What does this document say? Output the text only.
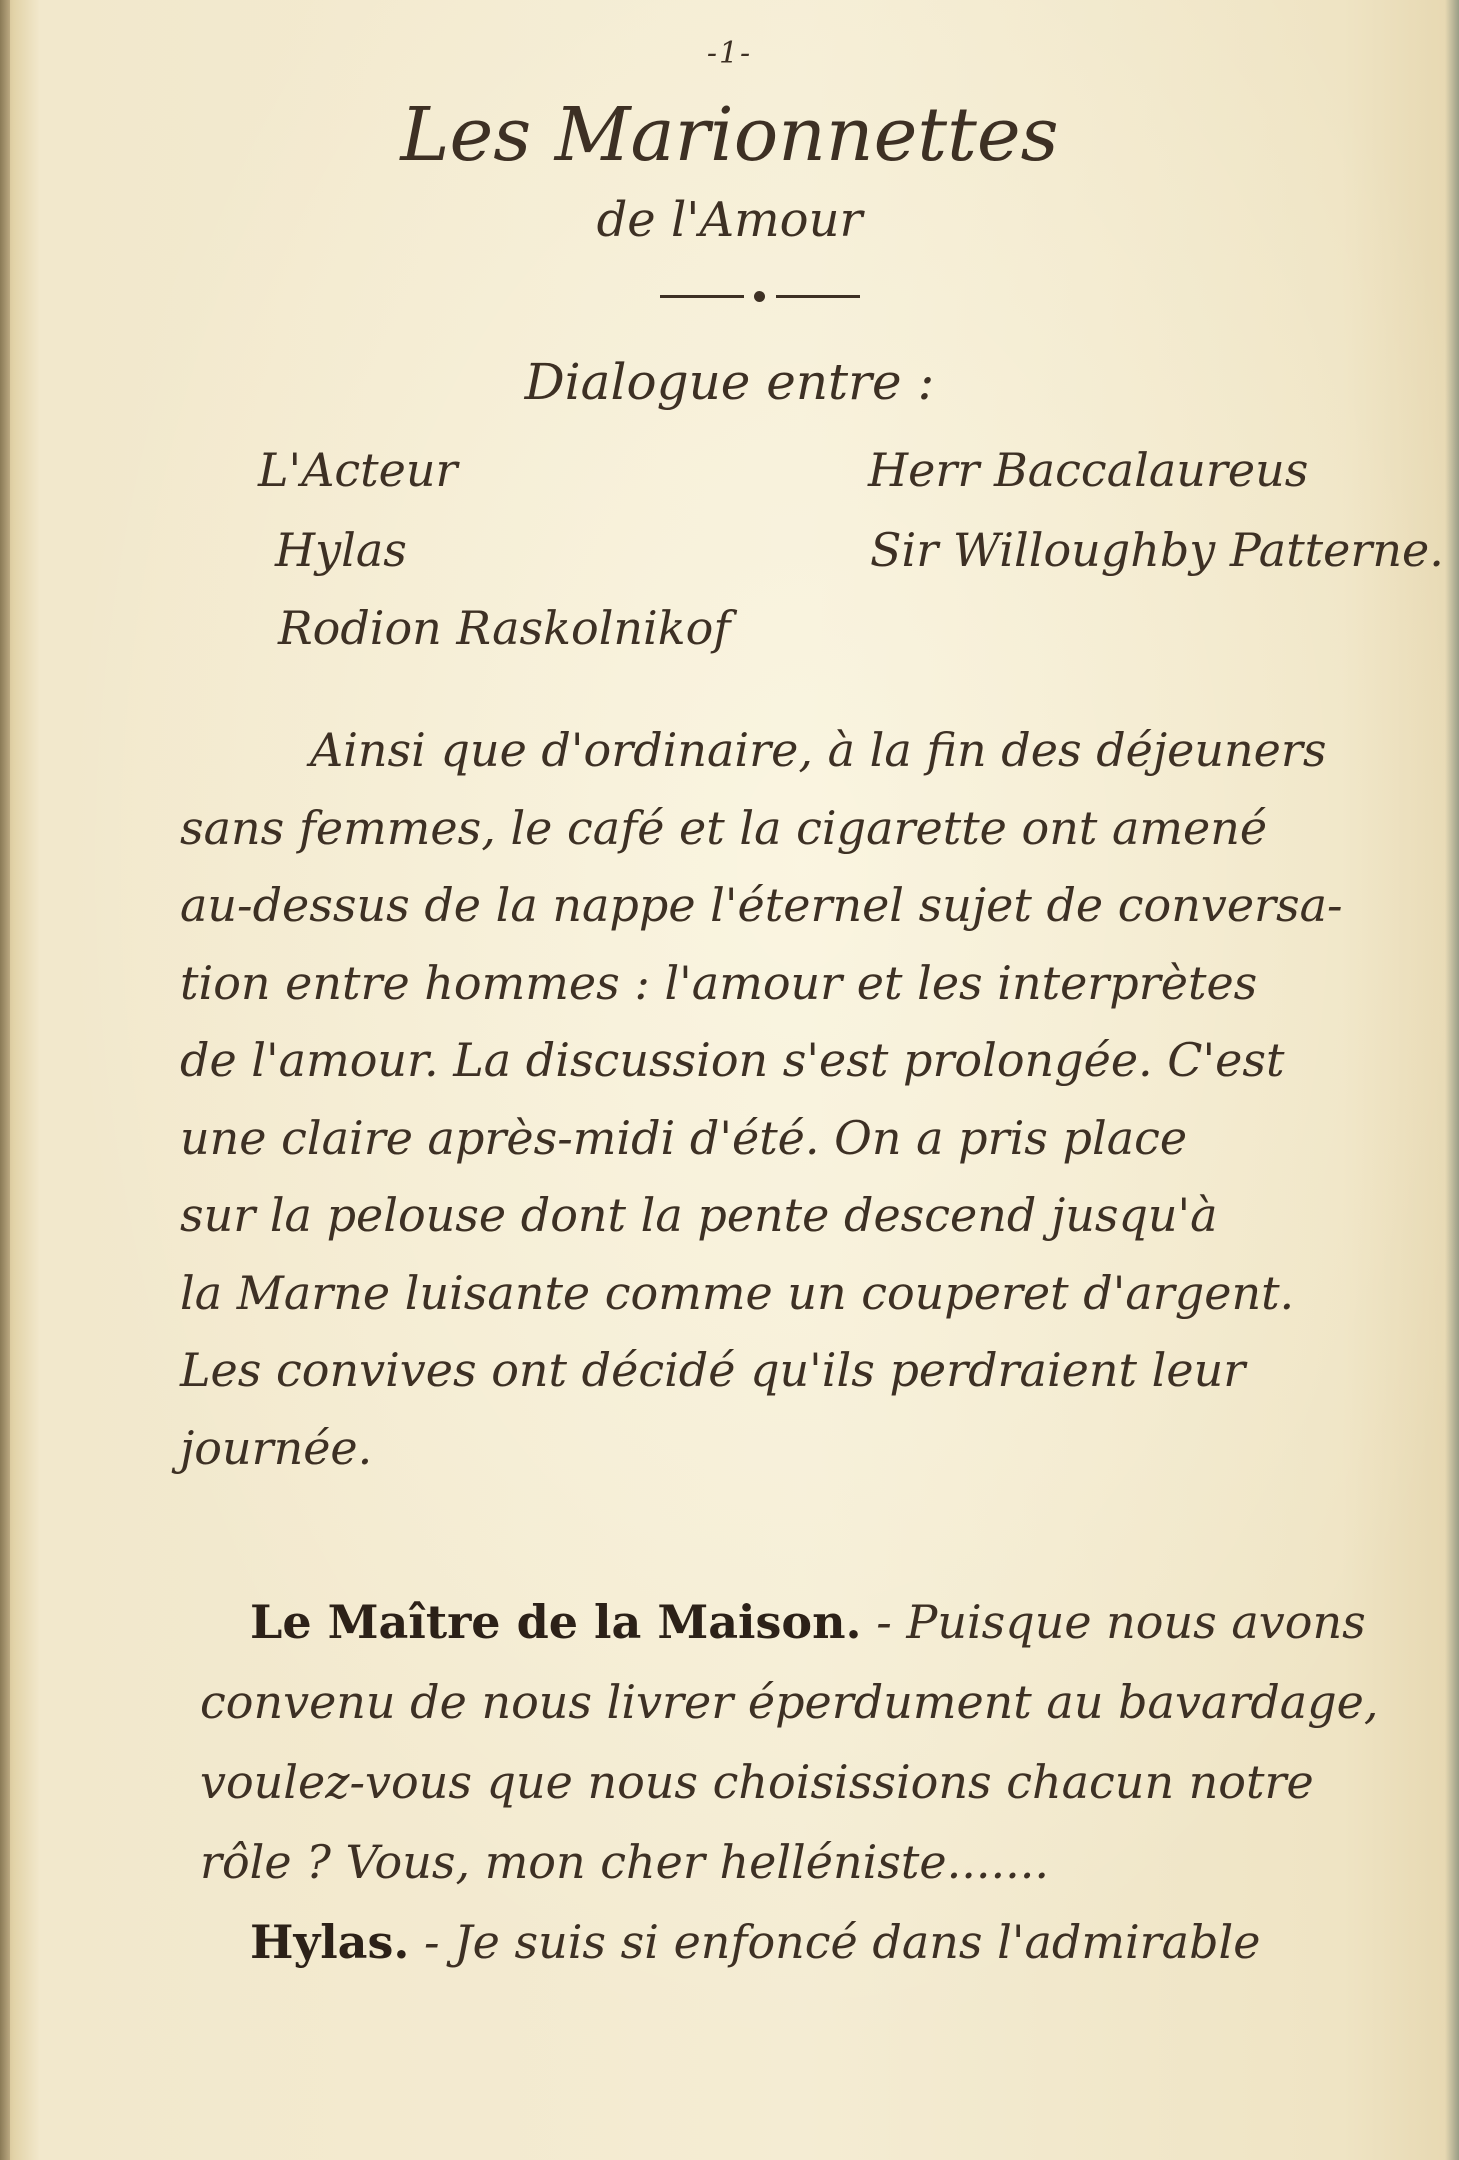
-1-
Les Marionnettes
de l'Amour
Dialogue entre :
L'Acteur
Hylas
Rodion Raskolnikof
Herr Baccalaureus
Sir Willoughby Patterne.
Ainsi que d'ordinaire, à la fin des déjeuners
sans femmes, le café et la cigarette ont amené
au-dessus de la nappe l'éternel sujet de conversa-
tion entre hommes : l'amour et les interprètes
de l'amour. La discussion s'est prolongée. C'est
une claire après-midi d'été. On a pris place
sur la pelouse dont la pente descend jusqu'à
la Marne luisante comme un couperet d'argent.
Les convives ont décidé qu'ils perdraient leur
journée.
Le Maître de la Maison. - Puisque nous avons
convenu de nous livrer éperdument au bavardage,
voulez-vous que nous choisissions chacun notre
rôle ? Vous, mon cher helléniste.......
Hylas. - Je suis si enfoncé dans l'admirable
